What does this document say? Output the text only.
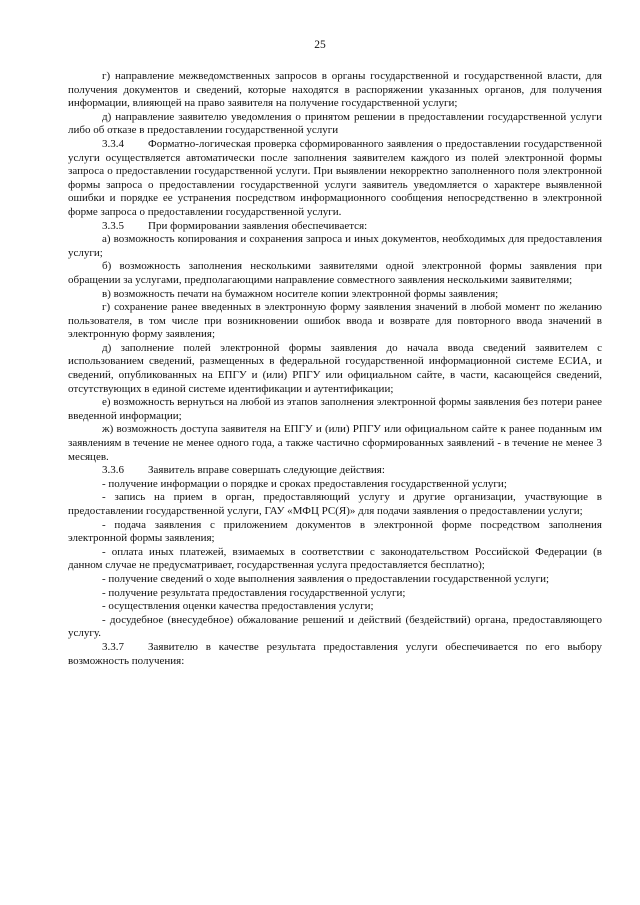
25

г) направление межведомственных запросов в органы государственной и государственной власти, для получения документов и сведений, которые находятся в распоряжении указанных органов, для получения информации, влияющей на право заявителя на получение государственной услуги;

д) направление заявителю уведомления о принятом решении в предоставлении государственной услуги либо об отказе в предоставлении государственной услуги

3.3.4 Форматно-логическая проверка сформированного заявления о предоставлении государственной услуги осуществляется автоматически после заполнения заявителем каждого из полей электронной формы запроса о предоставлении государственной услуги. При выявлении некорректно заполненного поля электронной формы запроса о предоставлении государственной услуги заявитель уведомляется о характере выявленной ошибки и порядке ее устранения посредством информационного сообщения непосредственно в электронной форме запроса о предоставлении государственной услуги.

3.3.5 При формировании заявления обеспечивается:

а) возможность копирования и сохранения запроса и иных документов, необходимых для предоставления услуги;

б) возможность заполнения несколькими заявителями одной электронной формы заявления при обращении за услугами, предполагающими направление совместного заявления несколькими заявителями;

в) возможность печати на бумажном носителе копии электронной формы заявления;

г) сохранение ранее введенных в электронную форму заявления значений в любой момент по желанию пользователя, в том числе при возникновении ошибок ввода и возврате для повторного ввода значений в электронную форму заявления;

д) заполнение полей электронной формы заявления до начала ввода сведений заявителем с использованием сведений, размещенных в федеральной государственной информационной системе ЕСИА, и сведений, опубликованных на ЕПГУ и (или) РПГУ или официальном сайте, в части, касающейся сведений, отсутствующих в единой системе идентификации и аутентификации;

е) возможность вернуться на любой из этапов заполнения электронной формы заявления без потери ранее введенной информации;

ж) возможность доступа заявителя на ЕПГУ и (или) РПГУ или официальном сайте к ранее поданным им заявлениям в течение не менее одного года, а также частично сформированных заявлений - в течение не менее 3 месяцев.

3.3.6 Заявитель вправе совершать следующие действия:

- получение информации о порядке и сроках предоставления государственной услуги;

- запись на прием в орган, предоставляющий услугу и другие организации, участвующие в предоставлении государственной услуги, ГАУ «МФЦ РС(Я)» для подачи заявления о предоставлении услуги;

- подача заявления с приложением документов в электронной форме посредством заполнения электронной формы заявления;

- оплата иных платежей, взимаемых в соответствии с законодательством Российской Федерации (в данном случае не предусматривает, государственная услуга предоставляется бесплатно);

- получение сведений о ходе выполнения заявления о предоставлении государственной услуги;

- получение результата предоставления государственной услуги;

- осуществления оценки качества предоставления услуги;

- досудебное (внесудебное) обжалование решений и действий (бездействий) органа, предоставляющего услугу.

3.3.7 Заявителю в качестве результата предоставления услуги обеспечивается по его выбору возможность получения:
